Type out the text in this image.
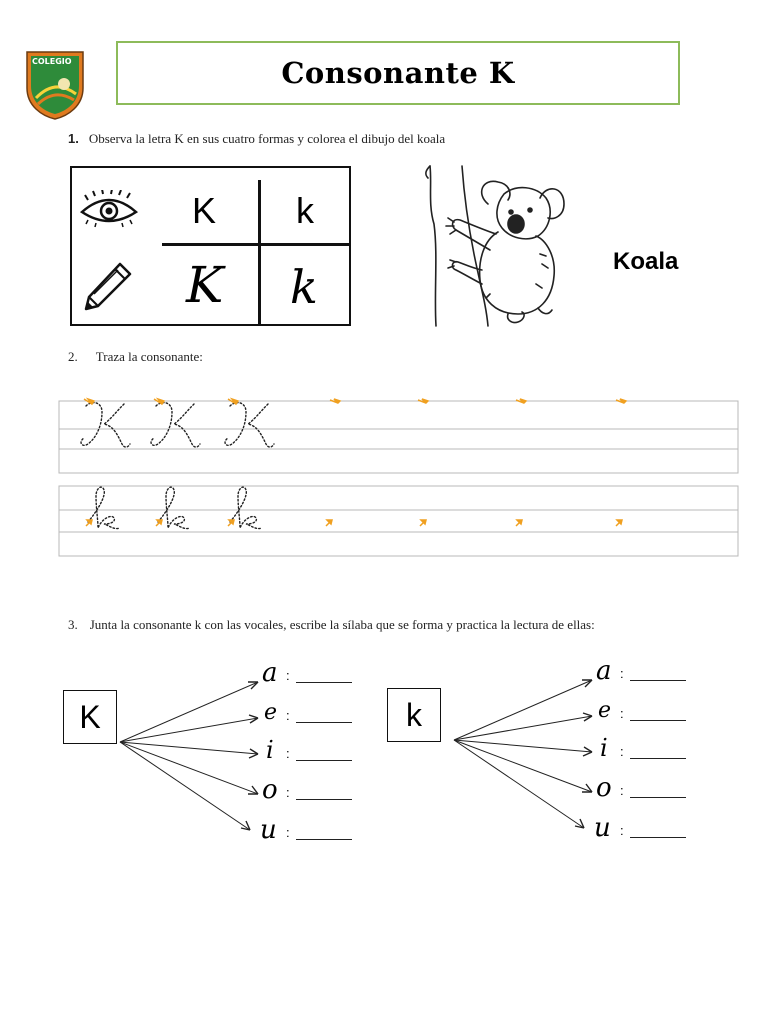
COLEGIO	Consonante K
1. Observa la letra K en sus cuatro formas y colorea el dibujo del koala
K k
K k	Koala
2. Traza la consonante:
3. Junta la consonante k con las vocales, escribe la sílaba que se forma y practica la lectura de ellas:
K
a :
e :
i :
o :
u :
k
a :
e :
i :
o :
u :
